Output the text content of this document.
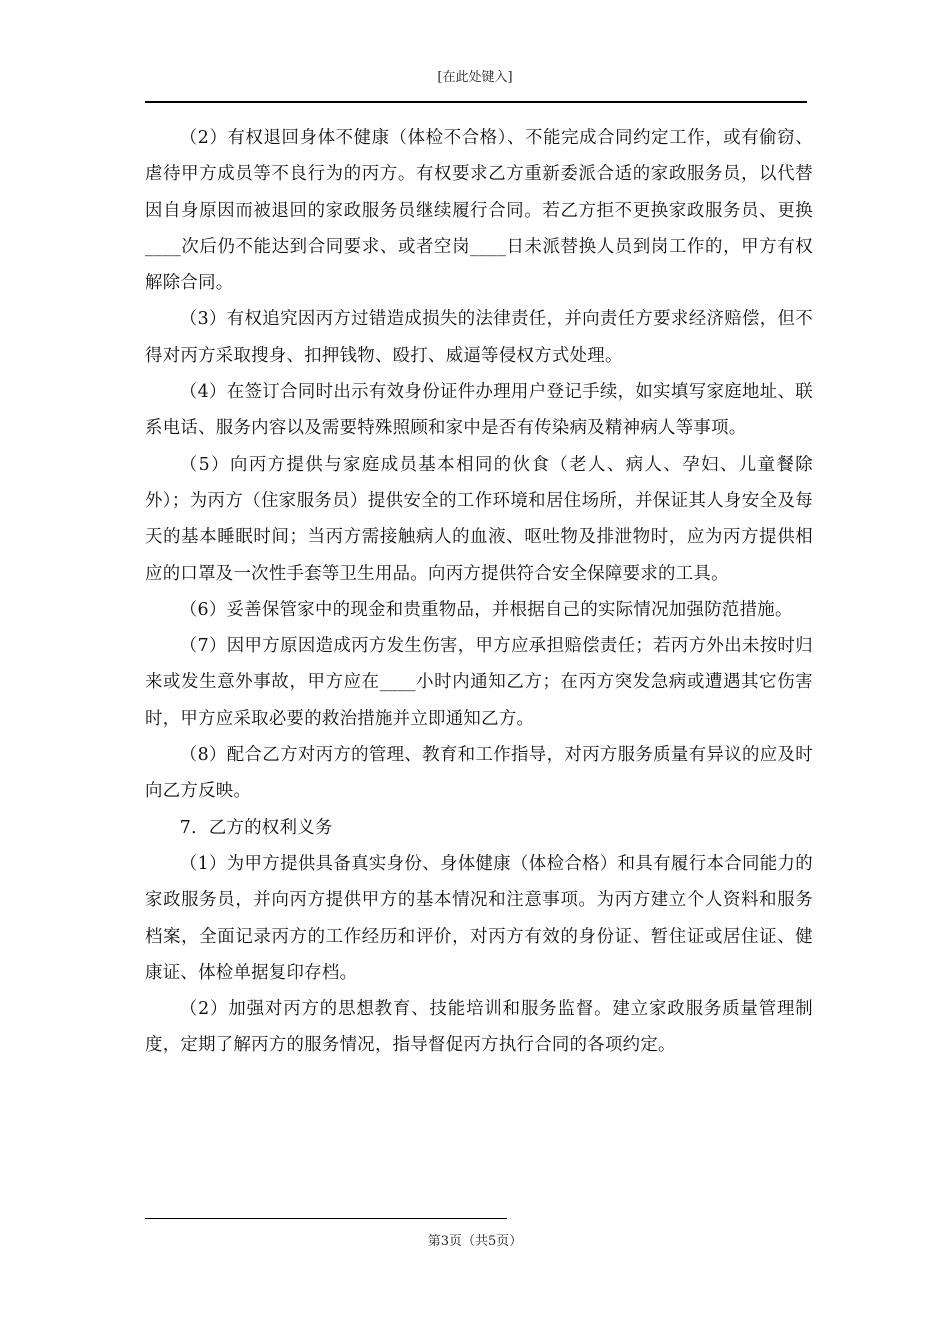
[在此处键入]

（2）有权退回身体不健康（体检不合格）、不能完成合同约定工作，或有偷窃、虐待甲方成员等不良行为的丙方。有权要求乙方重新委派合适的家政服务员，以代替因自身原因而被退回的家政服务员继续履行合同。若乙方拒不更换家政服务员、更换____次后仍不能达到合同要求、或者空岗____日未派替换人员到岗工作的，甲方有权解除合同。

（3）有权追究因丙方过错造成损失的法律责任，并向责任方要求经济赔偿，但不得对丙方采取搜身、扣押钱物、殴打、威逼等侵权方式处理。

（4）在签订合同时出示有效身份证件办理用户登记手续，如实填写家庭地址、联系电话、服务内容以及需要特殊照顾和家中是否有传染病及精神病人等事项。

（5）向丙方提供与家庭成员基本相同的伙食（老人、病人、孕妇、儿童餐除外）；为丙方（住家服务员）提供安全的工作环境和居住场所，并保证其人身安全及每天的基本睡眠时间；当丙方需接触病人的血液、呕吐物及排泄物时，应为丙方提供相应的口罩及一次性手套等卫生用品。向丙方提供符合安全保障要求的工具。

（6）妥善保管家中的现金和贵重物品，并根据自己的实际情况加强防范措施。

（7）因甲方原因造成丙方发生伤害，甲方应承担赔偿责任；若丙方外出未按时归来或发生意外事故，甲方应在____小时内通知乙方；在丙方突发急病或遭遇其它伤害时，甲方应采取必要的救治措施并立即通知乙方。

（8）配合乙方对丙方的管理、教育和工作指导，对丙方服务质量有异议的应及时向乙方反映。

7．乙方的权利义务

（1）为甲方提供具备真实身份、身体健康（体检合格）和具有履行本合同能力的家政服务员，并向丙方提供甲方的基本情况和注意事项。为丙方建立个人资料和服务档案，全面记录丙方的工作经历和评价，对丙方有效的身份证、暂住证或居住证、健康证、体检单据复印存档。

（2）加强对丙方的思想教育、技能培训和服务监督。建立家政服务质量管理制度，定期了解丙方的服务情况，指导督促丙方执行合同的各项约定。

第3页（共5页）
